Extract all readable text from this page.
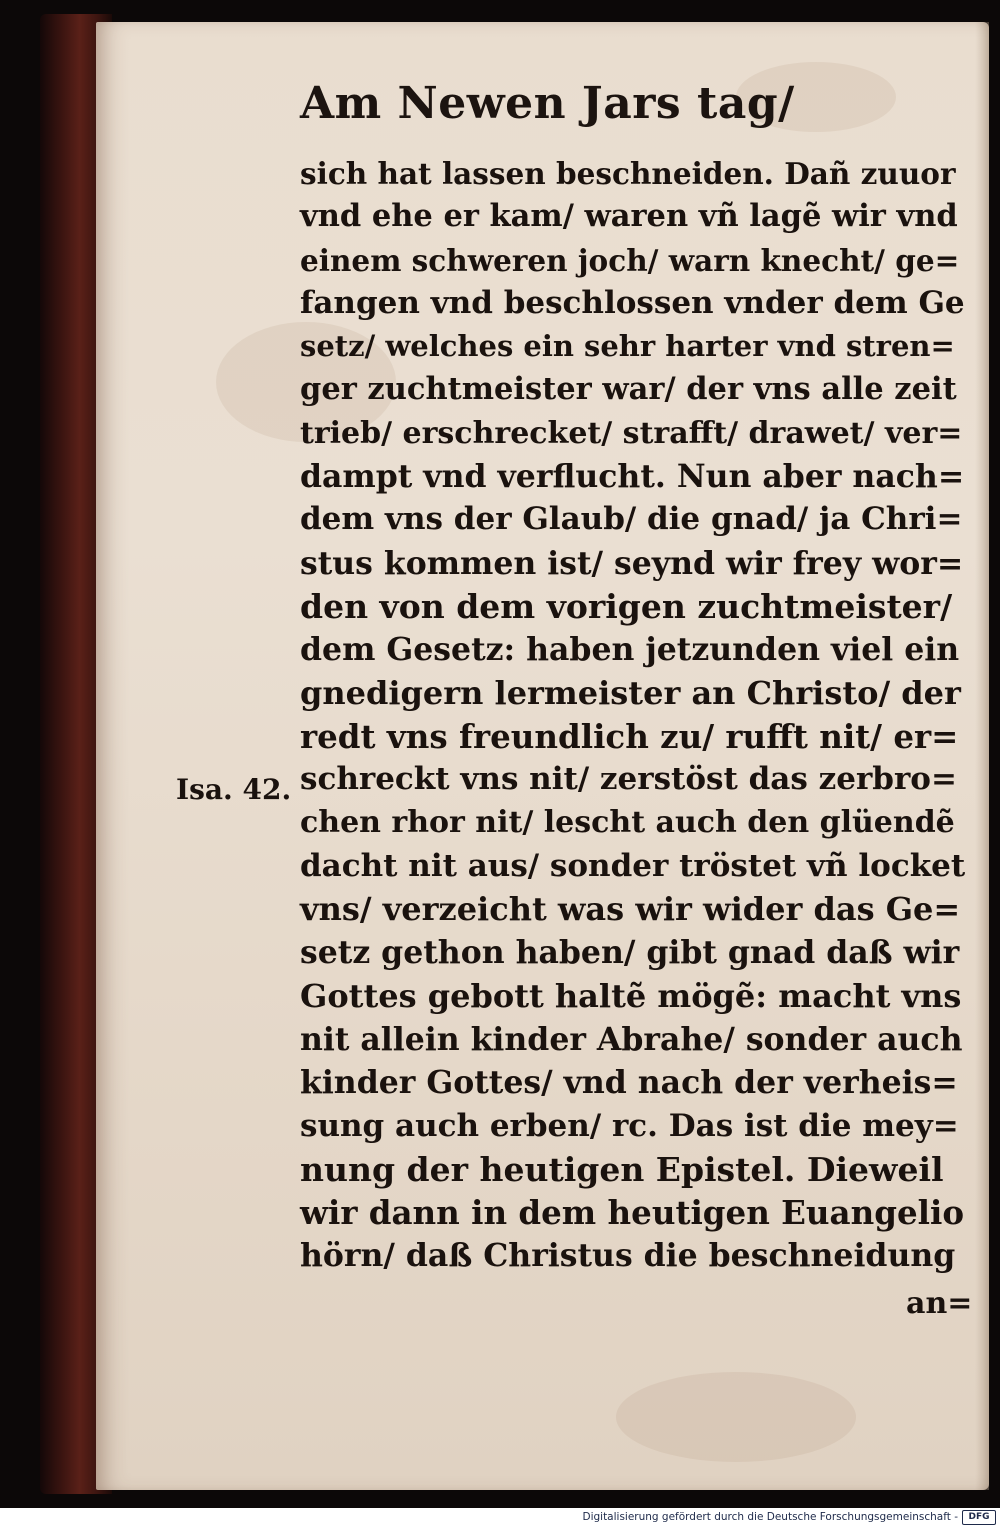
Am Newen Jars tag/
Isa. 42.
sich hat lassen beschneiden. Dañ zuuor
vnd ehe er kam/ waren vñ lagẽ wir vnd
einem schweren joch/ warn knecht/ ge=
fangen vnd beschlossen vnder dem Ge
setz/ welches ein sehr harter vnd stren=
ger zuchtmeister war/ der vns alle zeit
trieb/ erschrecket/ strafft/ drawet/ ver=
dampt vnd verflucht. Nun aber nach=
dem vns der Glaub/ die gnad/ ja Chri=
stus kommen ist/ seynd wir frey wor=
den von dem vorigen zuchtmeister/
dem Gesetz: haben jetzunden viel ein
gnedigern lermeister an Christo/ der
redt vns freundlich zu/ rufft nit/ er=
schreckt vns nit/ zerstöst das zerbro=
chen rhor nit/ lescht auch den glüendẽ
dacht nit aus/ sonder tröstet vñ locket
vns/ verzeicht was wir wider das Ge=
setz gethon haben/ gibt gnad daß wir
Gottes gebott haltẽ mögẽ: macht vns
nit allein kinder Abrahe/ sonder auch
kinder Gottes/ vnd nach der verheis=
sung auch erben/ rc. Das ist die mey=
nung der heutigen Epistel. Dieweil
wir dann in dem heutigen Euangelio
hörn/ daß Christus die beschneidung
an=
Digitalisierung gefördert durch die Deutsche Forschungsgemeinschaft -	DFG
